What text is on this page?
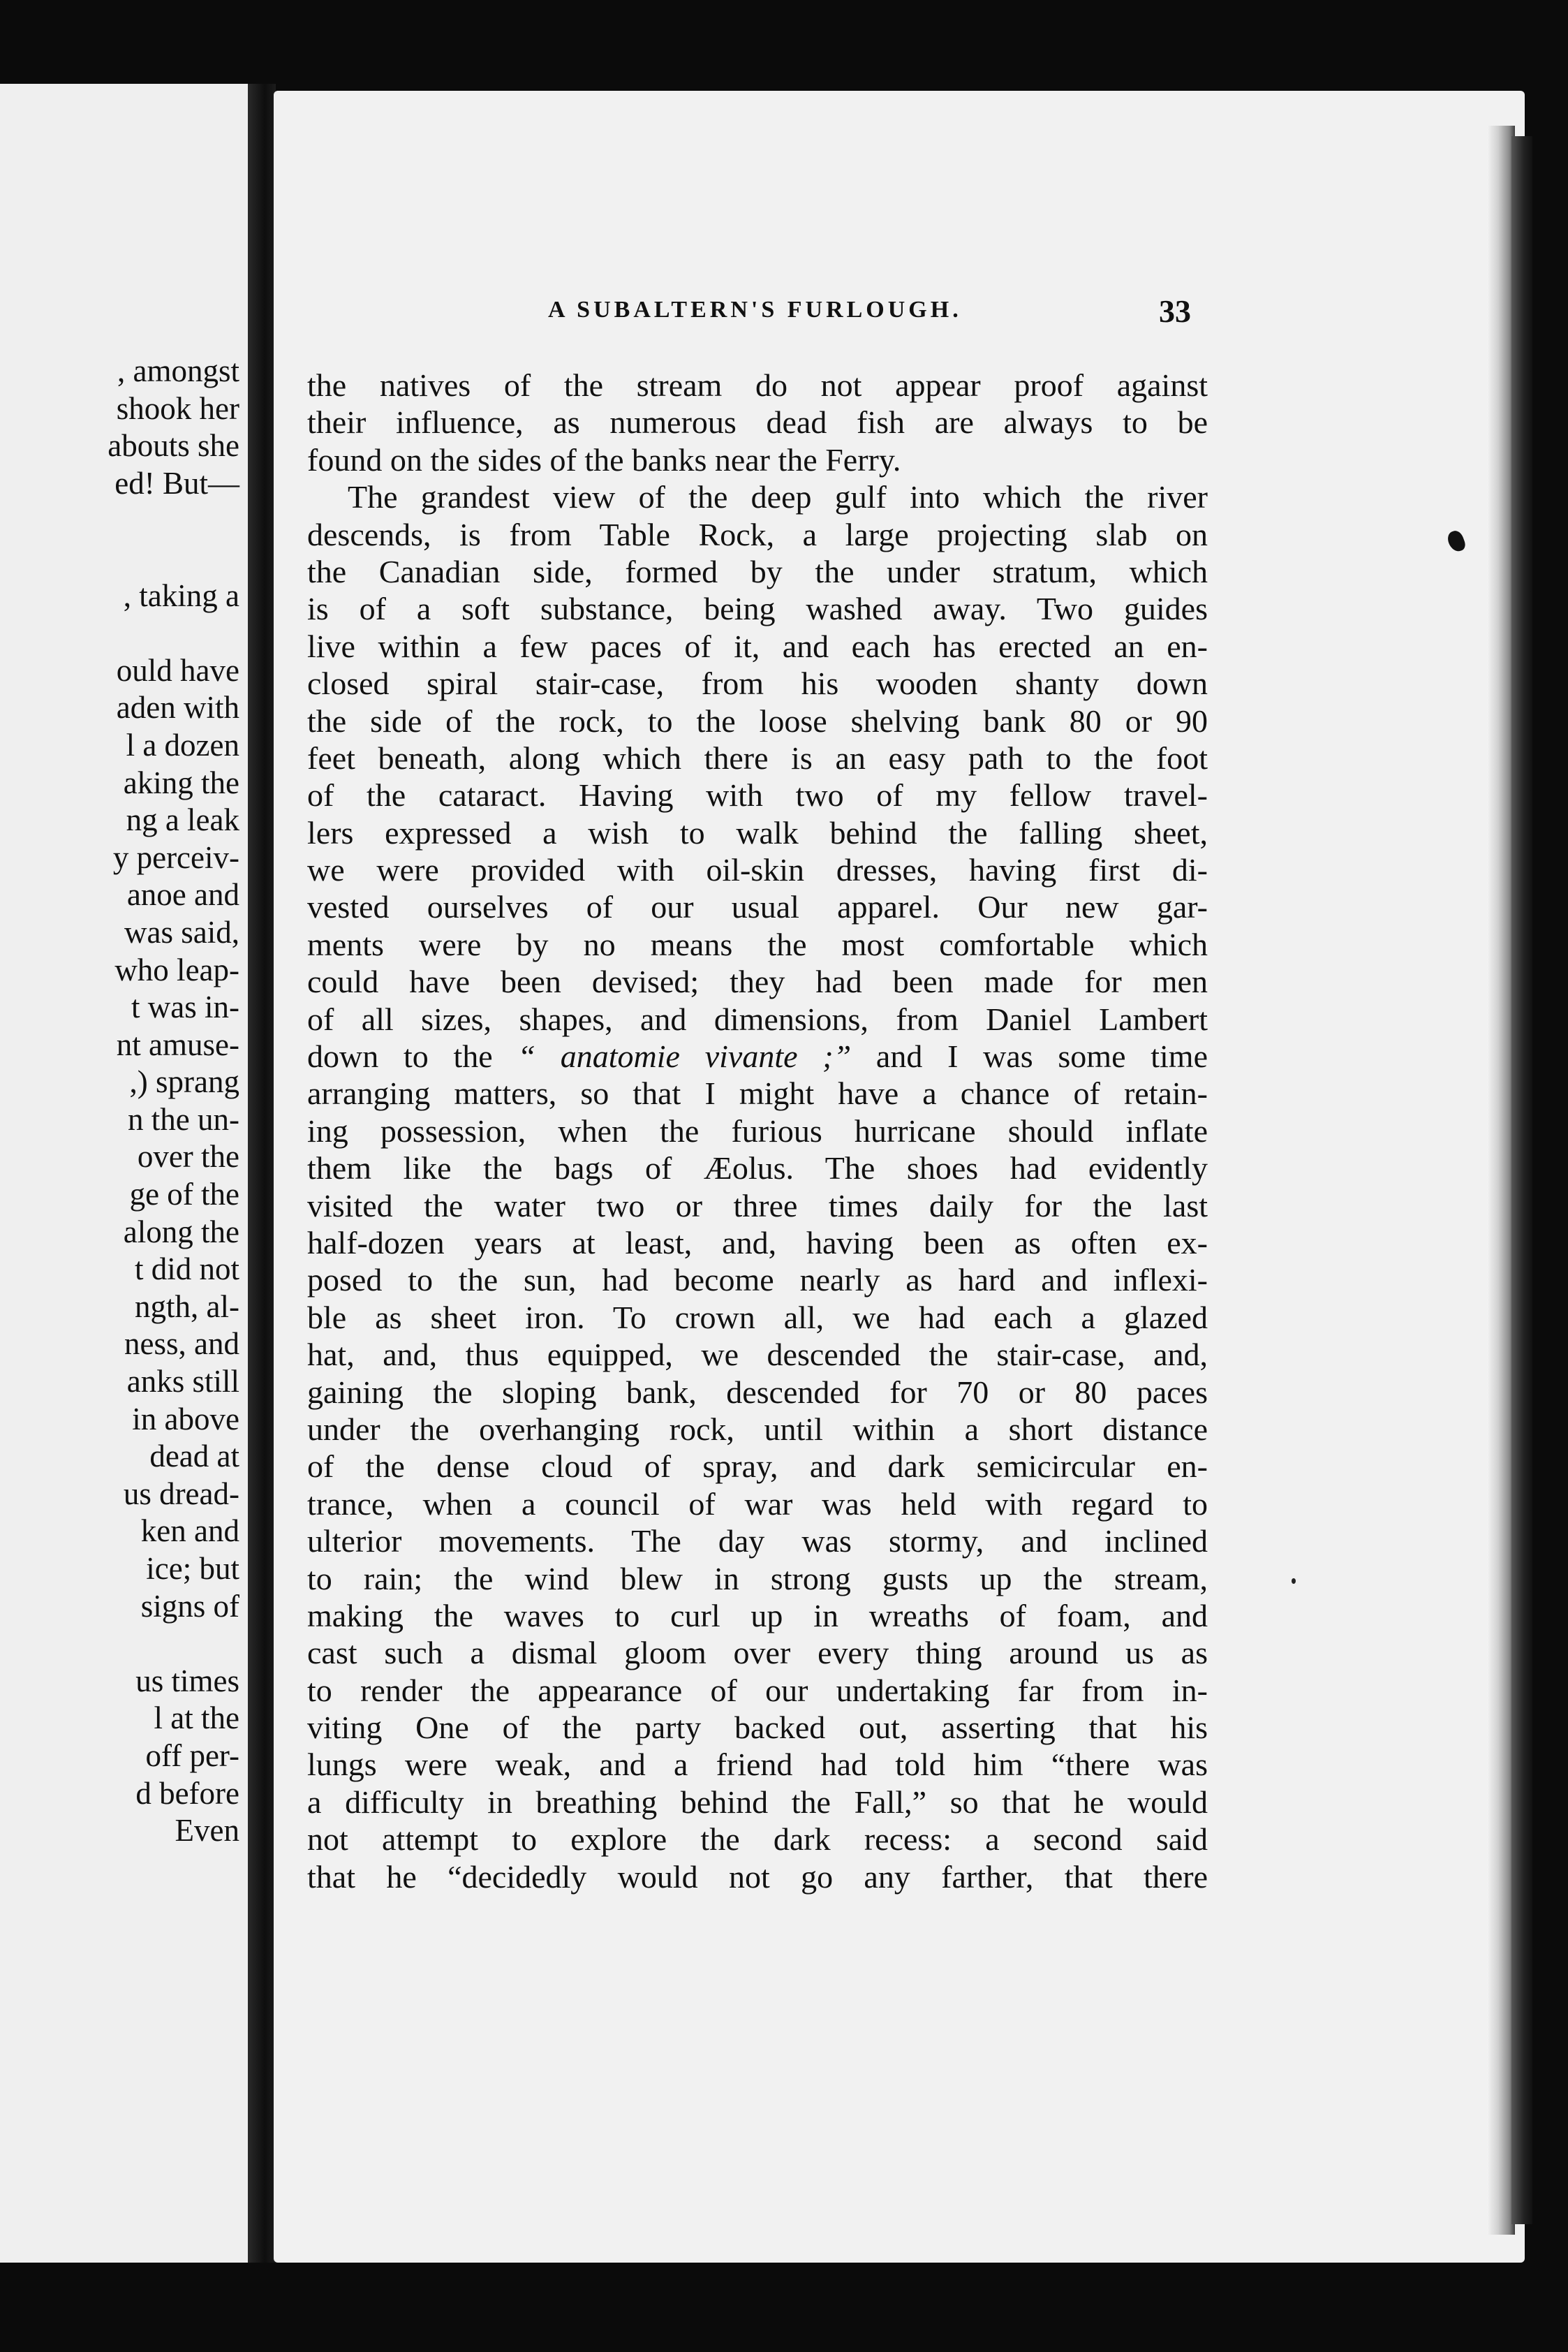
, amongst
shook her
abouts she
ed! But—
, taking a
ould have
aden with
l a dozen
aking the
ng a leak
y perceiv-
anoe and
was said,
who leap-
t was in-
nt amuse-
,) sprang
n the un-
over the
ge of the
along the
t did not
ngth, al-
ness, and
anks still
in above
dead at
us dread-
ken and
ice; but
signs of
us times
l at the
off per-
d before
Even
A SUBALTERN'S FURLOUGH.	33
the natives of the stream do not appear proof against
their influence, as numerous dead fish are always to be
found on the sides of the banks near the Ferry.
The grandest view of the deep gulf into which the river
descends, is from Table Rock, a large projecting slab on
the Canadian side, formed by the under stratum, which
is of a soft substance, being washed away. Two guides
live within a few paces of it, and each has erected an en-
closed spiral stair-case, from his wooden shanty down
the side of the rock, to the loose shelving bank 80 or 90
feet beneath, along which there is an easy path to the foot
of the cataract. Having with two of my fellow travel-
lers expressed a wish to walk behind the falling sheet,
we were provided with oil-skin dresses, having first di-
vested ourselves of our usual apparel. Our new gar-
ments were by no means the most comfortable which
could have been devised; they had been made for men
of all sizes, shapes, and dimensions, from Daniel Lambert
down to the “ anatomie vivante ;” and I was some time
arranging matters, so that I might have a chance of retain-
ing possession, when the furious hurricane should inflate
them like the bags of Æolus. The shoes had evidently
visited the water two or three times daily for the last
half-dozen years at least, and, having been as often ex-
posed to the sun, had become nearly as hard and inflexi-
ble as sheet iron. To crown all, we had each a glazed
hat, and, thus equipped, we descended the stair-case, and,
gaining the sloping bank, descended for 70 or 80 paces
under the overhanging rock, until within a short distance
of the dense cloud of spray, and dark semicircular en-
trance, when a council of war was held with regard to
ulterior movements. The day was stormy, and inclined
to rain; the wind blew in strong gusts up the stream,
making the waves to curl up in wreaths of foam, and
cast such a dismal gloom over every thing around us as
to render the appearance of our undertaking far from in-
viting One of the party backed out, asserting that his
lungs were weak, and a friend had told him “there was
a difficulty in breathing behind the Fall,” so that he would
not attempt to explore the dark recess: a second said
that he “decidedly would not go any farther, that there
